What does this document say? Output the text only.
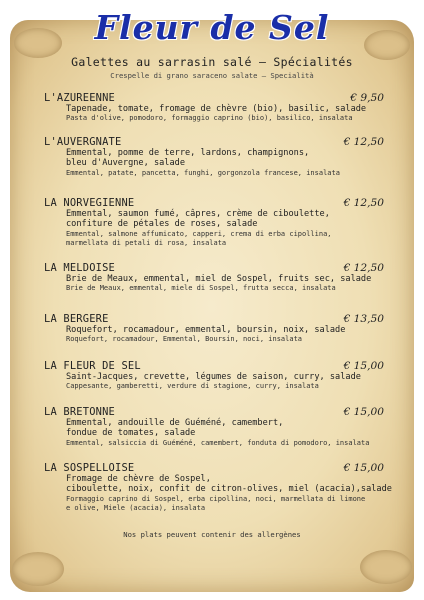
Fleur de Sel
Galettes au sarrasin salé – Spécialités
Crespelle di grano saraceno salate – Specialità
L'AZUREENNE	€ 9,50
Tapenade, tomate, fromage de chèvre (bio), basilic, salade
Pasta d'olive, pomodoro, formaggio caprino (bio), basilico, insalata
L'AUVERGNATE	€ 12,50
Emmental, pomme de terre, lardons, champignons,
bleu d'Auvergne, salade
Emmental, patate, pancetta, funghi, gorgonzola francese, insalata
LA NORVEGIENNE	€ 12,50
Emmental, saumon fumé, câpres, crème de ciboulette,
confiture de pétales de roses, salade
Emmental, salmone affumicato, capperi, crema di erba cipollina,
marmellata di petali di rosa, insalata
LA MELDOISE	€ 12,50
Brie de Meaux, emmental, miel de Sospel, fruits sec, salade
Brie de Meaux, emmental, miele di Sospel, frutta secca, insalata
LA BERGERE	€ 13,50
Roquefort, rocamadour, emmental, boursin, noix, salade
Roquefort, rocamadour, Emmental, Boursin, noci, insalata
LA FLEUR DE SEL	€ 15,00
Saint-Jacques, crevette, légumes de saison, curry, salade
Cappesante, gamberetti, verdure di stagione, curry, insalata
LA BRETONNE	€ 15,00
Emmental, andouille de Guéméné, camembert,
fondue de tomates, salade
Emmental, salsiccia di Guéméné, camembert, fonduta di pomodoro, insalata
LA SOSPELLOISE	€ 15,00
Fromage de chèvre de Sospel,
ciboulette, noix, confit de citron-olives, miel (acacia),salade
Formaggio caprino di Sospel, erba cipollina, noci, marmellata di limone
e olive, Miele (acacia), insalata
Nos plats peuvent contenir des allergènes
